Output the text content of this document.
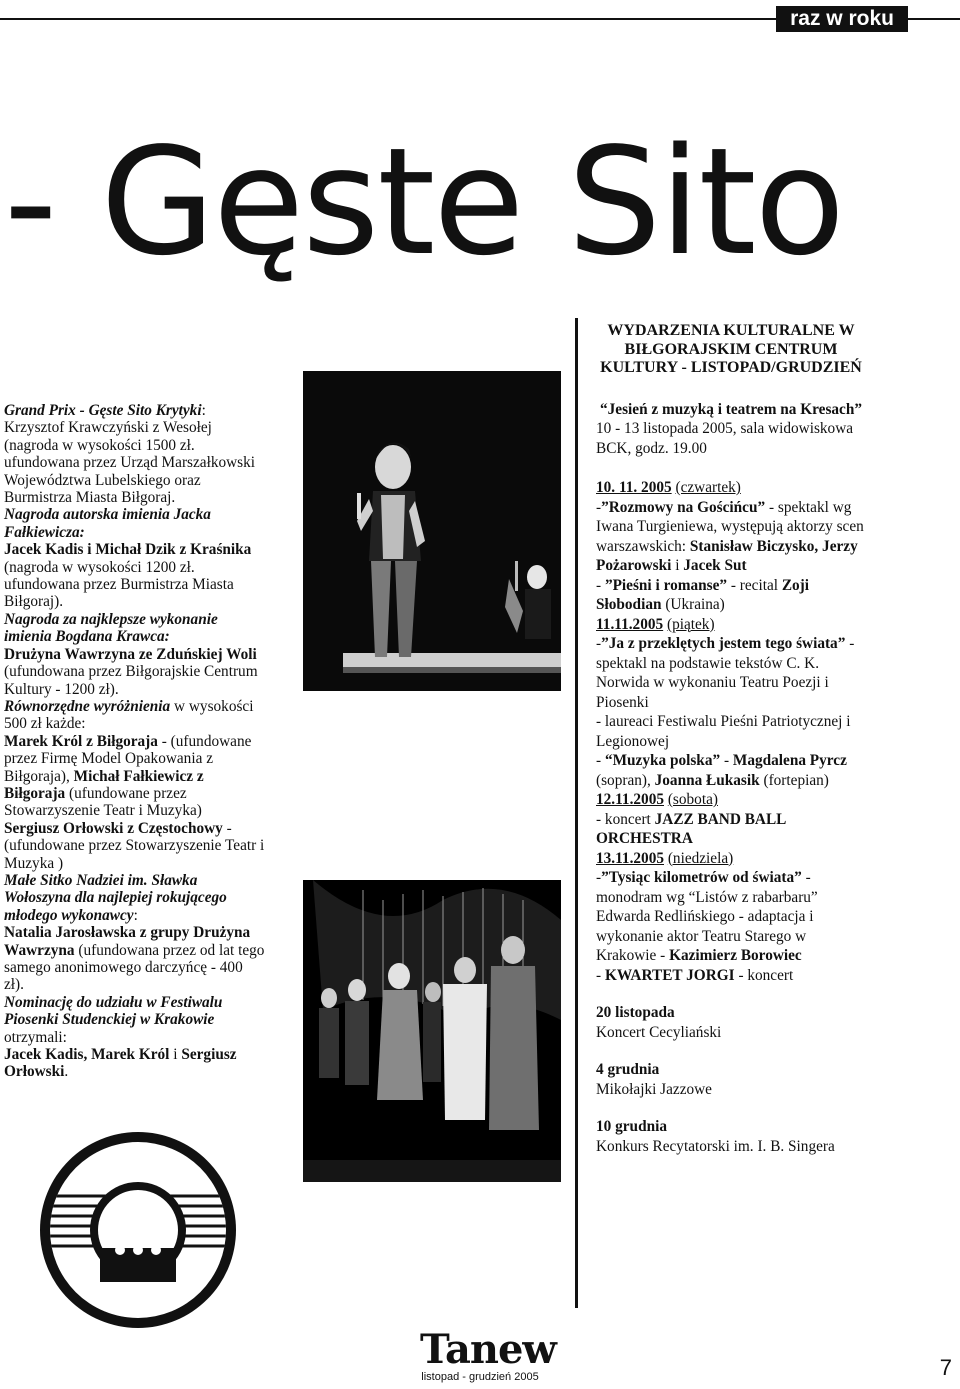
raz w roku
- Gęste Sito

Grand Prix - Gęste Sito Krytyki:
Krzysztof Krawczyński z Wesołej
(nagroda w wysokości 1500 zł. ufundowana przez Urząd Marszałkowski Województwa Lubelskiego oraz Burmistrza Miasta Biłgoraj.

Nagroda autorska imienia Jacka Fałkiewicza:
Jacek Kadis i Michał Dzik z Kraśnika
(nagroda w wysokości 1200 zł. ufundowana przez Burmistrza Miasta Biłgoraj).

Nagroda za najklepsze wykonanie imienia Bogdana Krawca:
Drużyna Wawrzyna ze Zduńskiej Woli (ufundowana przez Biłgorajskie Centrum Kultury - 1200 zł).

Równorzędne wyróżnienia w wysokości 500 zł każde:
Marek Król z Biłgoraja - (ufundowane przez Firmę Model Opakowania z Biłgoraja), Michał Fałkiewicz z Biłgoraja (ufundowane przez Stowarzyszenie Teatr i Muzyka)
Sergiusz Orłowski z Częstochowy - (ufundowane przez Stowarzyszenie Teatr i Muzyka )

Małe Sitko Nadziei im. Sławka Wołoszyna dla najlepiej rokującego młodego wykonawcy:
Natalia Jarosławska z grupy Drużyna Wawrzyna (ufundowana przez od lat tego samego anonimowego darczyńcę - 400 zł).

Nominację do udziału w Festiwalu Piosenki Studenckiej w Krakowie
otrzymali:
Jacek Kadis, Marek Król i Sergiusz Orłowski.

WYDARZENIA KULTURALNE W BIŁGORAJSKIM CENTRUM KULTURY - LISTOPAD/GRUDZIEŃ

“Jesień z muzyką i teatrem na Kresach”

10 - 13 listopada 2005, sala widowiskowa BCK, godz. 19.00

10. 11. 2005 (czwartek)
-”Rozmowy na Gościńcu” - spektakl wg Iwana Turgieniewa, występują aktorzy scen warszawskich: Stanisław Biczysko, Jerzy Pożarowski i Jacek Sut
- ”Pieśni i romanse” - recital Zoji Słobodian (Ukraina)

11.11.2005 (piątek)
-”Ja z przeklętych jestem tego świata” - spektakl na podstawie tekstów C. K. Norwida w wykonaniu Teatru Poezji i Piosenki
- laureaci Festiwalu Pieśni Patriotycznej i Legionowej
- “Muzyka polska” - Magdalena Pyrcz (sopran), Joanna Łukasik (fortepian)

12.11.2005 (sobota)
- koncert JAZZ BAND BALL ORCHESTRA

13.11.2005 (niedziela)
-”Tysiąc kilometrów od świata” - monodram wg “Listów z rabarbaru” Edwarda Redlińskiego - adaptacja i wykonanie aktor Teatru Starego w Krakowie - Kazimierz Borowiec
- KWARTET JORGI - koncert

20 listopada
Koncert Cecyliański

4 grudnia
Mikołajki Jazzowe

10 grudnia
Konkurs Recytatorski im. I. B. Singera

Tanew
listopad - grudzień 2005	7
